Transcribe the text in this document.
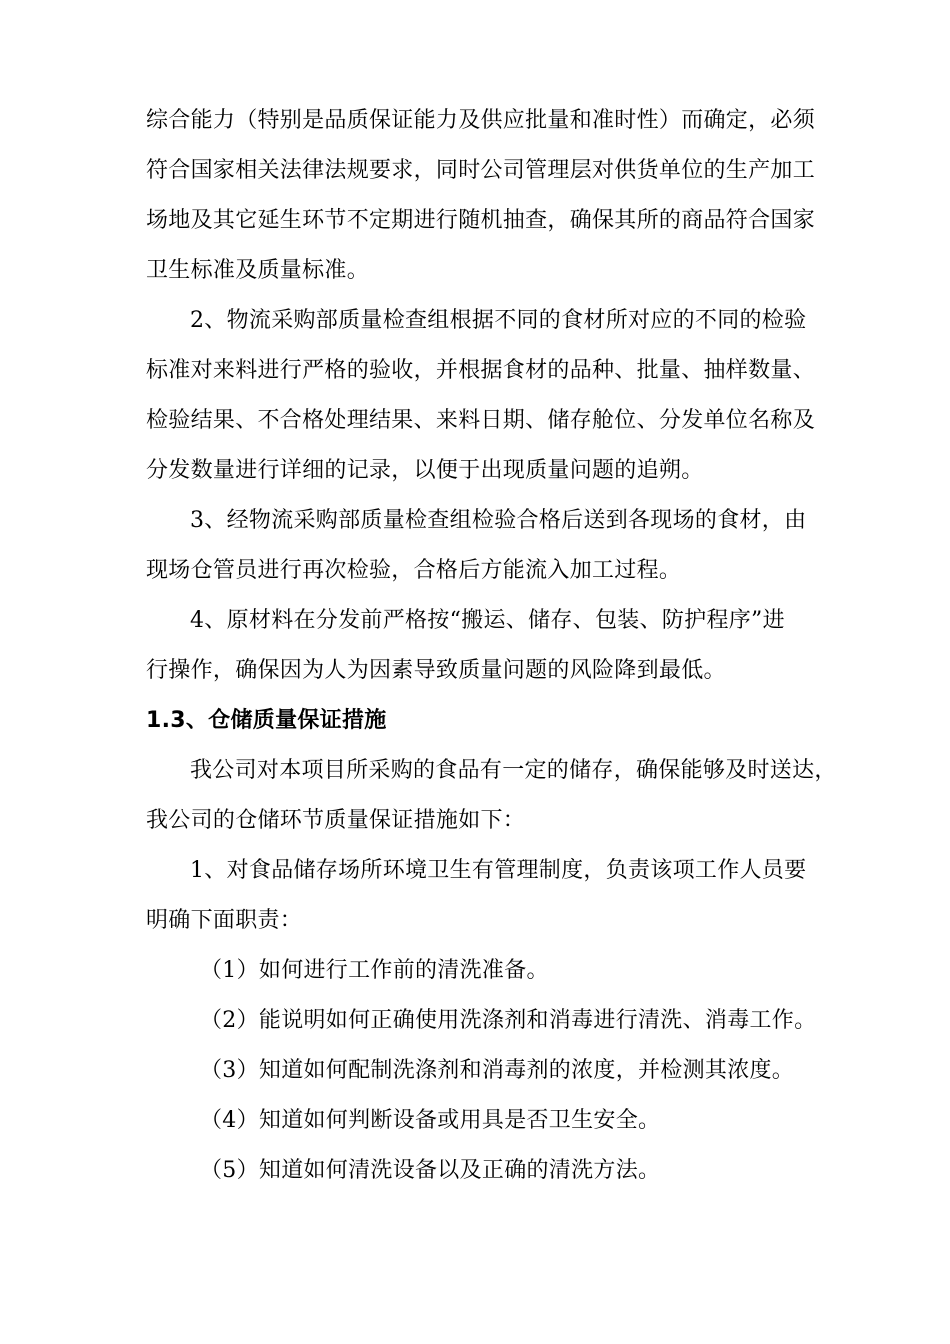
综合能力（特别是品质保证能力及供应批量和准时性）而确定，必须
符合国家相关法律法规要求，同时公司管理层对供货单位的生产加工
场地及其它延生环节不定期进行随机抽查，确保其所的商品符合国家
卫生标准及质量标准。
2、物流采购部质量检查组根据不同的食材所对应的不同的检验
标准对来料进行严格的验收，并根据食材的品种、批量、抽样数量、
检验结果、不合格处理结果、来料日期、储存舱位、分发单位名称及
分发数量进行详细的记录，以便于出现质量问题的追朔。
3、经物流采购部质量检查组检验合格后送到各现场的食材，由
现场仓管员进行再次检验，合格后方能流入加工过程。
4、原材料在分发前严格按“搬运、储存、包装、防护程序”进
行操作，确保因为人为因素导致质量问题的风险降到最低。
1.3、仓储质量保证措施
我公司对本项目所采购的食品有一定的储存，确保能够及时送达，
我公司的仓储环节质量保证措施如下：
1、对食品储存场所环境卫生有管理制度，负责该项工作人员要
明确下面职责：
（1）如何进行工作前的清洗准备。
（2）能说明如何正确使用洗涤剂和消毒进行清洗、消毒工作。
（3）知道如何配制洗涤剂和消毒剂的浓度，并检测其浓度。
（4）知道如何判断设备或用具是否卫生安全。
（5）知道如何清洗设备以及正确的清洗方法。
